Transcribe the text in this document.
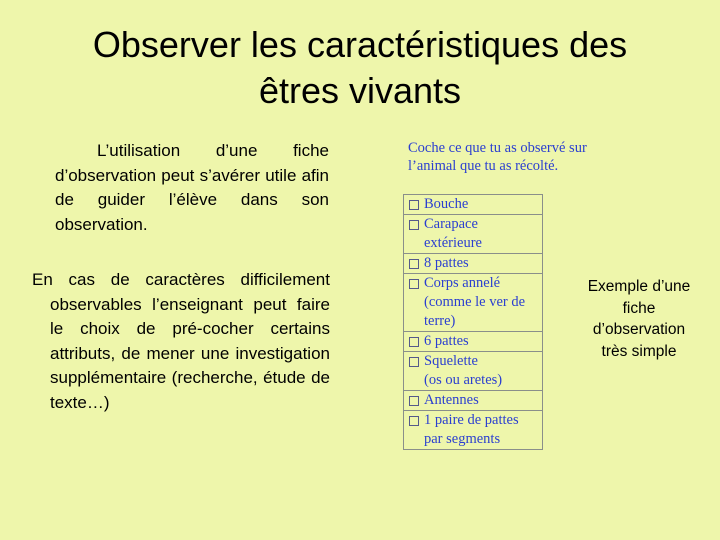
Observer les caractéristiques des
êtres vivants
L’utilisation d’une fiche d’observation peut s’avérer utile afin de guider l’élève dans son observation.
En cas de caractères difficilement observables l’enseignant peut faire le choix de pré-cocher certains attributs, de mener une investigation supplémentaire (recherche, étude de texte…)
Coche ce que tu as observé sur l’animal que tu as récolté.
Bouche

Carapace extérieure

8 pattes

Corps annelé (comme le ver de terre)

6 pattes

Squelette
(os ou aretes)

Antennes

1 paire de pattes par segments
Exemple d’une fiche d’observation très simple
